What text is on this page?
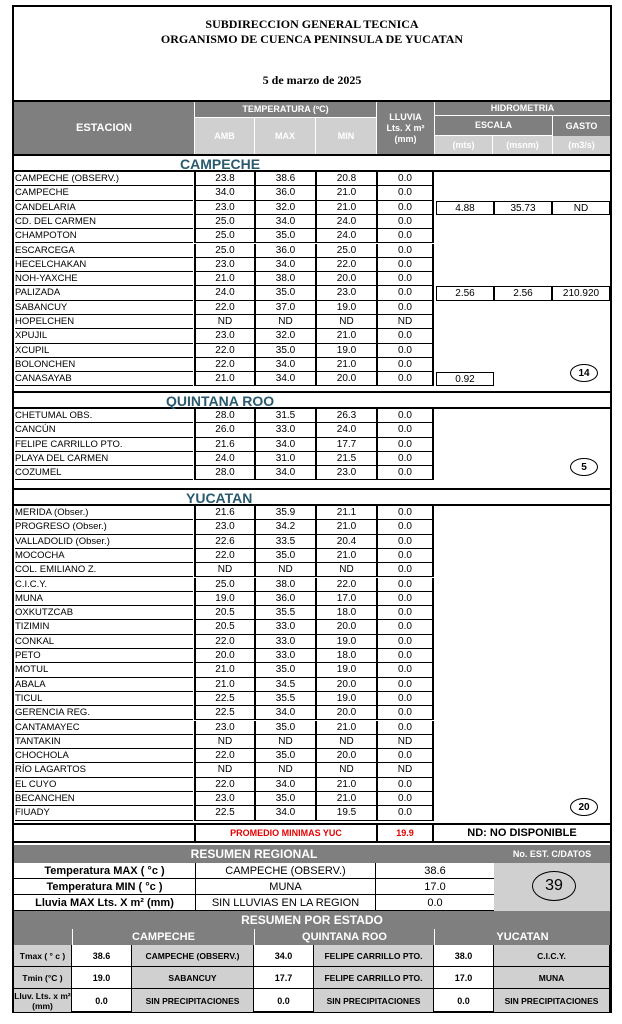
SUBDIRECCION GENERAL TECNICA
ORGANISMO DE CUENCA PENINSULA DE YUCATAN
5 de marzo de 2025
ESTACION
TEMPERATURA (ºC)
AMB	MAX	MIN
LLUVIA
Lts. X m²
(mm)
HIDROMETRIA
ESCALA	GASTO
(mts)	(msnm)	(m3/s)
CAMPECHE
CAMPECHE (OBSERV.)	23.8	38.6	20.8	0.0
CAMPECHE	34.0	36.0	21.0	0.0
CANDELARIA	23.0	32.0	21.0	0.0	4.88	35.73	ND
CD. DEL CARMEN	25.0	34.0	24.0	0.0
CHAMPOTON	25.0	35.0	24.0	0.0
ESCARCEGA	25.0	36.0	25.0	0.0
HECELCHAKAN	23.0	34.0	22.0	0.0
NOH-YAXCHE	21.0	38.0	20.0	0.0
PALIZADA	24.0	35.0	23.0	0.0	2.56	2.56	210.920
SABANCUY	22.0	37.0	19.0	0.0
HOPELCHEN	ND	ND	ND	ND
XPUJIL	23.0	32.0	21.0	0.0
XCUPIL	22.0	35.0	19.0	0.0
BOLONCHEN	22.0	34.0	21.0	0.0
CANASAYAB	21.0	34.0	20.0	0.0	0.92
14
QUINTANA ROO
CHETUMAL OBS.	28.0	31.5	26.3	0.0
CANCÚN	26.0	33.0	24.0	0.0
FELIPE CARRILLO PTO.	21.6	34.0	17.7	0.0
PLAYA DEL CARMEN	24.0	31.0	21.5	0.0
COZUMEL	28.0	34.0	23.0	0.0	5
YUCATAN
MERIDA (Obser.)	21.6	35.9	21.1	0.0
PROGRESO (Obser.)	23.0	34.2	21.0	0.0
VALLADOLID (Obser.)	22.6	33.5	20.4	0.0
MOCOCHA	22.0	35.0	21.0	0.0
COL. EMILIANO Z.	ND	ND	ND	0.0
C.I.C.Y.	25.0	38.0	22.0	0.0
MUNA	19.0	36.0	17.0	0.0
OXKUTZCAB	20.5	35.5	18.0	0.0
TIZIMIN	20.5	33.0	20.0	0.0
CONKAL	22.0	33.0	19.0	0.0
PETO	20.0	33.0	18.0	0.0
MOTUL	21.0	35.0	19.0	0.0
ABALA	21.0	34.5	20.0	0.0
TICUL	22.5	35.5	19.0	0.0
GERENCIA REG.	22.5	34.0	20.0	0.0
CANTAMAYEC	23.0	35.0	21.0	0.0
TANTAKIN	ND	ND	ND	ND
CHOCHOLA	22.0	35.0	20.0	0.0
RÍO LAGARTOS	ND	ND	ND	ND
EL CUYO	22.0	34.0	21.0	0.0
BECANCHEN	23.0	35.0	21.0	0.0
FIUADY	22.5	34.0	19.5	0.0	20
PROMEDIO MINIMAS YUC	19.9	ND: NO DISPONIBLE
RESUMEN REGIONAL	No. EST. C/DATOS
Temperatura MAX ( °c )	CAMPECHE (OBSERV.)	38.6
Temperatura MIN ( °c )	MUNA	17.0
Lluvia MAX Lts. X m² (mm)	SIN LLUVIAS EN LA REGION	0.0
39
RESUMEN POR ESTADO
CAMPECHE	QUINTANA ROO	YUCATAN
Tmax ( ° c )	38.6	CAMPECHE (OBSERV.)	34.0	FELIPE CARRILLO PTO.	38.0	C.I.C.Y.
Tmin (°C )	19.0	SABANCUY	17.7	FELIPE CARRILLO PTO.	17.0	MUNA
Lluv. Lts. x m² (mm)	0.0	SIN PRECIPITACIONES	0.0	SIN PRECIPITACIONES	0.0	SIN PRECIPITACIONES
